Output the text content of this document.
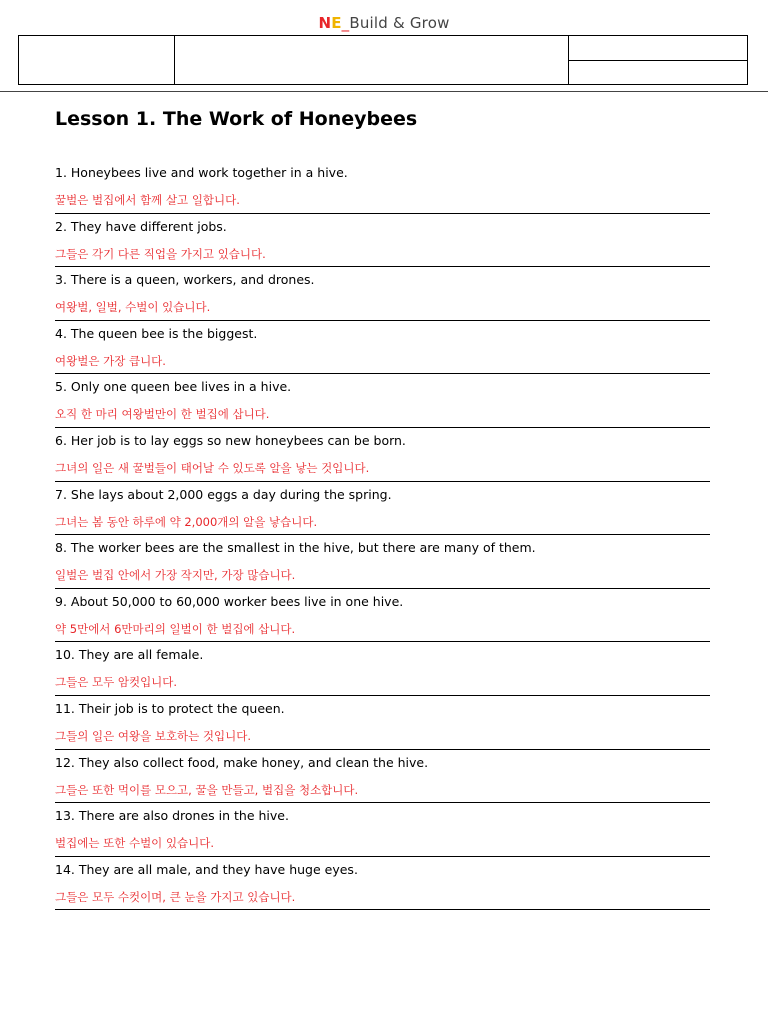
NE_Build & Grow

Lesson 1. The Work of Honeybees
1. Honeybees live and work together in a hive.
꿀벌은 벌집에서 함께 살고 일합니다.
2. They have different jobs.
그들은 각기 다른 직업을 가지고 있습니다.
3. There is a queen, workers, and drones.
여왕벌, 일벌, 수벌이 있습니다.
4. The queen bee is the biggest.
여왕벌은 가장 큽니다.
5. Only one queen bee lives in a hive.
오직 한 마리 여왕벌만이 한 벌집에 삽니다.
6. Her job is to lay eggs so new honeybees can be born.
그녀의 일은 새 꿀벌들이 태어날 수 있도록 알을 낳는 것입니다.
7. She lays about 2,000 eggs a day during the spring.
그녀는 봄 동안 하루에 약 2,000개의 알을 낳습니다.
8. The worker bees are the smallest in the hive, but there are many of them.
일벌은 벌집 안에서 가장 작지만, 가장 많습니다.
9. About 50,000 to 60,000 worker bees live in one hive.
약 5만에서 6만마리의 일벌이 한 벌집에 삽니다.
10. They are all female.
그들은 모두 암컷입니다.
11. Their job is to protect the queen.
그들의 일은 여왕을 보호하는 것입니다.
12. They also collect food, make honey, and clean the hive.
그들은 또한 먹이를 모으고, 꿀을 만들고, 벌집을 청소합니다.
13. There are also drones in the hive.
벌집에는 또한 수벌이 있습니다.
14. They are all male, and they have huge eyes.
그들은 모두 수컷이며, 큰 눈을 가지고 있습니다.
